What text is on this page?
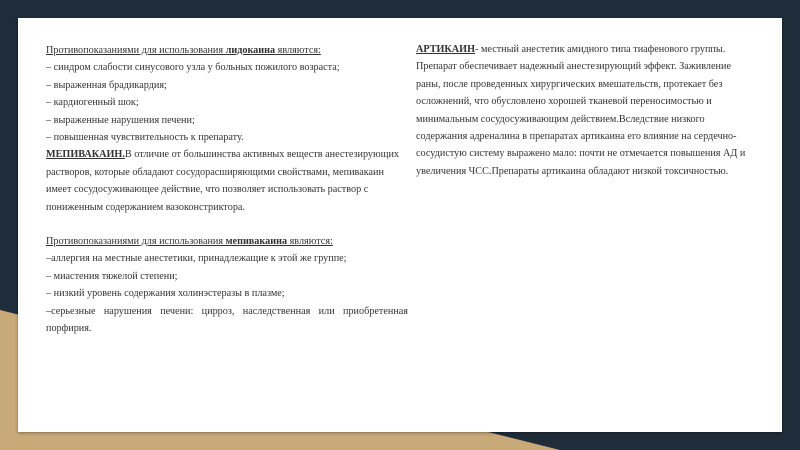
Противопоказаниями для использования лидокаина являются:

– синдром слабости синусового узла у больных пожилого возраста;

– выраженная брадикардия;

– кардиогенный шок;

– выраженные нарушения печени;

– повышенная чувствительность к препарату.

МЕПИВАКАИН.В отличие от большинства активных веществ анестезирующих растворов, которые обладают сосудорасширяющими свойствами, мепивакаин имеет сосудосуживающее действие, что позволяет использовать раствор с пониженным содержанием вазоконстриктора.

Противопоказаниями для использования мепивакаина являются:

–аллергия на местные анестетики, принадлежащие к этой же группе;

– миастения тяжелой степени;

– низкий уровень содержания холинэстеразы в плазме;

–серьезные нарушения печени: цирроз, наследственная или приобретенная порфирия.

АРТИКАИН- местный анестетик амидного типа тиафенового группы. Препарат обеспечивает надежный анестезирующий эффект. Заживление раны, после проведенных хирургических вмешательств, протекает без осложнений, что обусловлено хорошей тканевой переносимостью и минимальным сосудосуживающим действием.Вследствие низкого содержания адреналина в препаратах артикаина его влияние на сердечно-сосудистую систему выражено мало: почти не отмечается повышения АД и увеличения ЧСС.Препараты артикаина обладают низкой токсичностью.
